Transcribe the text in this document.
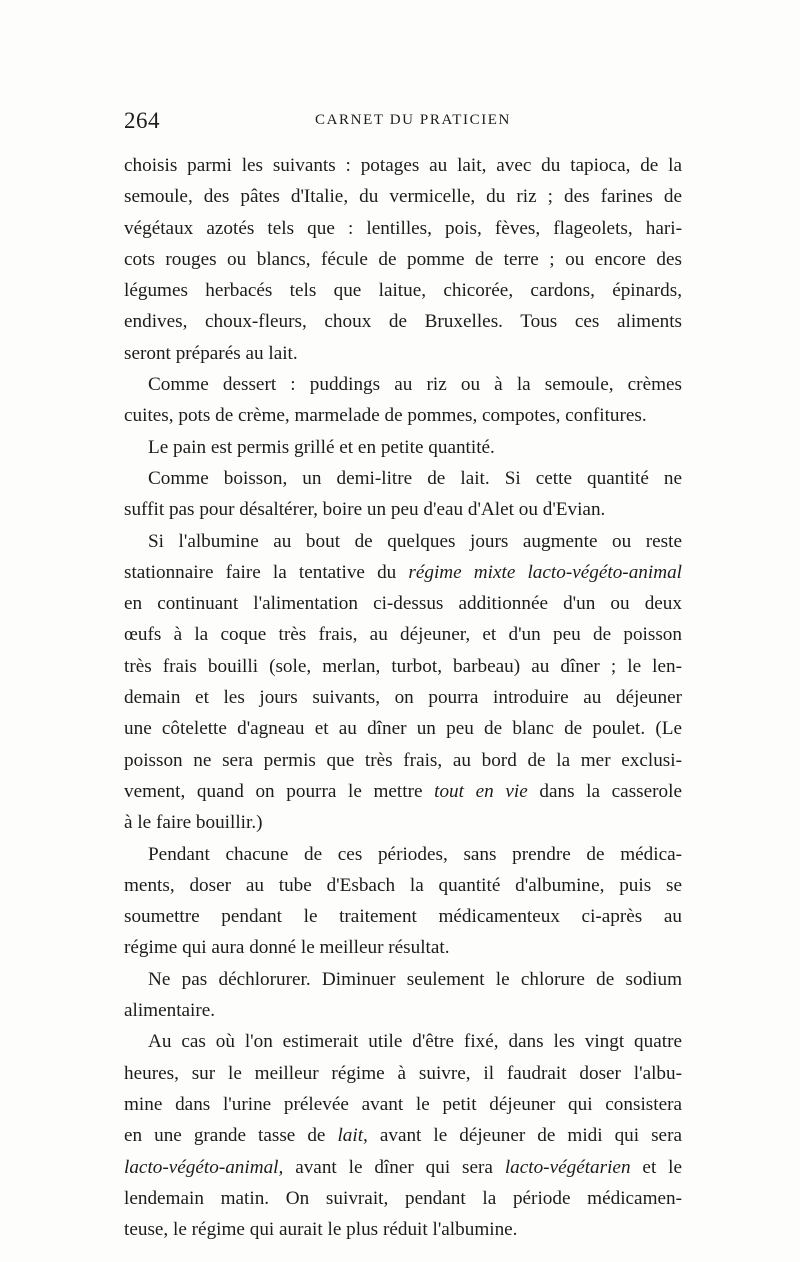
264	CARNET DU PRATICIEN
choisis parmi les suivants : potages au lait, avec du tapioca, de la
semoule, des pâtes d'Italie, du vermicelle, du riz ; des farines de
végétaux azotés tels que : lentilles, pois, fèves, flageolets, hari-
cots rouges ou blancs, fécule de pomme de terre ; ou encore des
légumes herbacés tels que laitue, chicorée, cardons, épinards,
endives, choux-fleurs, choux de Bruxelles. Tous ces aliments
seront préparés au lait.
Comme dessert : puddings au riz ou à la semoule, crèmes
cuites, pots de crème, marmelade de pommes, compotes, confitures.
Le pain est permis grillé et en petite quantité.
Comme boisson, un demi-litre de lait. Si cette quantité ne
suffit pas pour désaltérer, boire un peu d'eau d'Alet ou d'Evian.
Si l'albumine au bout de quelques jours augmente ou reste
stationnaire faire la tentative du régime mixte lacto-végéto-animal
en continuant l'alimentation ci-dessus additionnée d'un ou deux
œufs à la coque très frais, au déjeuner, et d'un peu de poisson
très frais bouilli (sole, merlan, turbot, barbeau) au dîner ; le len-
demain et les jours suivants, on pourra introduire au déjeuner
une côtelette d'agneau et au dîner un peu de blanc de poulet. (Le
poisson ne sera permis que très frais, au bord de la mer exclusi-
vement, quand on pourra le mettre tout en vie dans la casserole
à le faire bouillir.)
Pendant chacune de ces périodes, sans prendre de médica-
ments, doser au tube d'Esbach la quantité d'albumine, puis se
soumettre pendant le traitement médicamenteux ci-après au
régime qui aura donné le meilleur résultat.
Ne pas déchlorurer. Diminuer seulement le chlorure de sodium
alimentaire.
Au cas où l'on estimerait utile d'être fixé, dans les vingt quatre
heures, sur le meilleur régime à suivre, il faudrait doser l'albu-
mine dans l'urine prélevée avant le petit déjeuner qui consistera
en une grande tasse de lait, avant le déjeuner de midi qui sera
lacto-végéto-animal, avant le dîner qui sera lacto-végétarien et le
lendemain matin. On suivrait, pendant la période médicamen-
teuse, le régime qui aurait le plus réduit l'albumine.
